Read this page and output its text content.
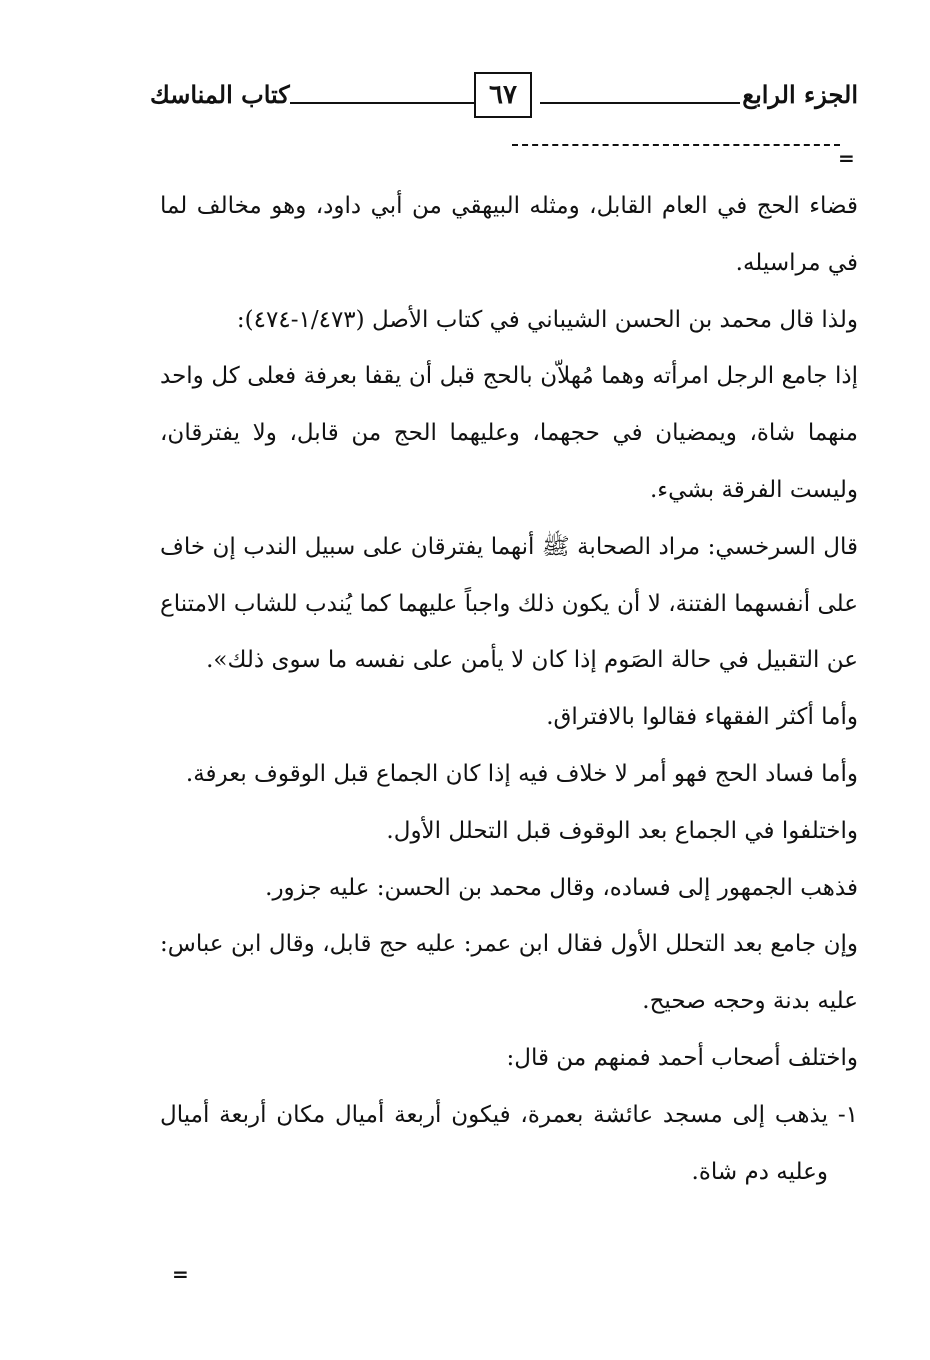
الجزء الرابع
٦٧
كتاب المناسك
=

قضاء الحج في العام القابل، ومثله البيهقي من أبي داود، وهو مخالف لما في مراسيله.

ولذا قال محمد بن الحسن الشيباني في كتاب الأصل (١/٤٧٣-٤٧٤):

إذا جامع الرجل امرأته وهما مُهلاّن بالحج قبل أن يقفا بعرفة فعلى كل واحد منهما شاة، ويمضيان في حجهما، وعليهما الحج من قابل، ولا يفترقان، وليست الفرقة بشيء.

قال السرخسي: مراد الصحابة ﷺ أنهما يفترقان على سبيل الندب إن خاف على أنفسهما الفتنة، لا أن يكون ذلك واجباً عليهما كما يُندب للشاب الامتناع عن التقبيل في حالة الصَوم إذا كان لا يأمن على نفسه ما سوى ذلك».

وأما أكثر الفقهاء فقالوا بالافتراق.

وأما فساد الحج فهو أمر لا خلاف فيه إذا كان الجماع قبل الوقوف بعرفة.

واختلفوا في الجماع بعد الوقوف قبل التحلل الأول.

فذهب الجمهور إلى فساده، وقال محمد بن الحسن: عليه جزور.

وإن جامع بعد التحلل الأول فقال ابن عمر: عليه حج قابل، وقال ابن عباس: عليه بدنة وحجه صحيح.

واختلف أصحاب أحمد فمنهم من قال:

١-
يذهب إلى مسجد عائشة بعمرة، فيكون أربعة أميال مكان أربعة أميال وعليه دم شاة.

=
